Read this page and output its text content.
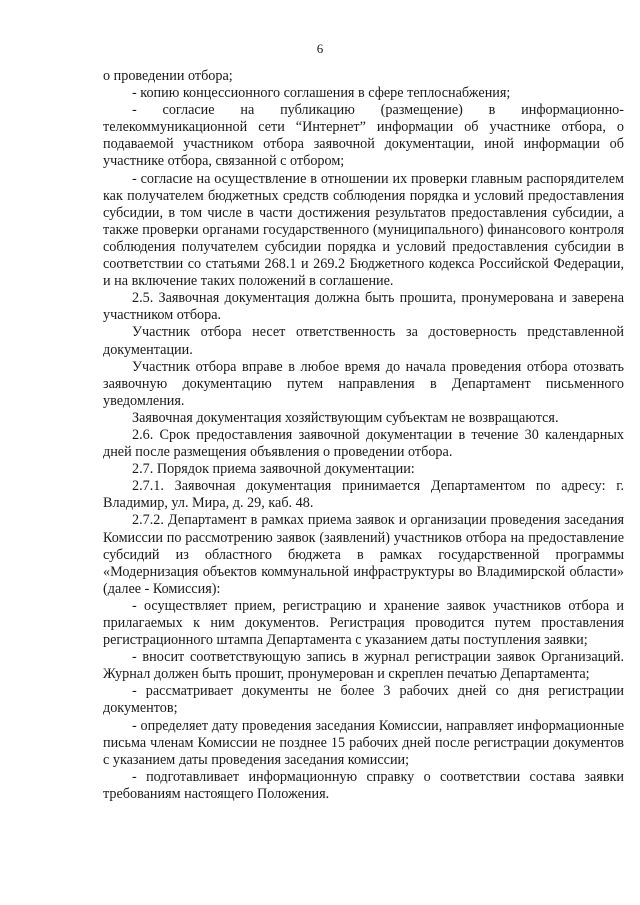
6

о проведении отбора;

- копию концессионного соглашения в сфере теплоснабжения;

- согласие на публикацию (размещение) в информационно-телекоммуникационной сети “Интернет” информации об участнике отбора, о подаваемой участником отбора заявочной документации, иной информации об участнике отбора, связанной с отбором;

- согласие на осуществление в отношении их проверки главным распорядителем как получателем бюджетных средств соблюдения порядка и условий предоставления субсидии, в том числе в части достижения результатов предоставления субсидии, а также проверки органами государственного (муниципального) финансового контроля соблюдения получателем субсидии порядка и условий предоставления субсидии в соответствии со статьями 268.1 и 269.2 Бюджетного кодекса Российской Федерации, и на включение таких положений в соглашение.

2.5. Заявочная документация должна быть прошита, пронумерована и заверена участником отбора.

Участник отбора несет ответственность за достоверность представленной документации.

Участник отбора вправе в любое время до начала проведения отбора отозвать заявочную документацию путем направления в Департамент письменного уведомления.

Заявочная документация хозяйствующим субъектам не возвращаются.

2.6. Срок предоставления заявочной документации в течение 30 календарных дней после размещения объявления о проведении отбора.

2.7. Порядок приема заявочной документации:

2.7.1. Заявочная документация принимается Департаментом по адресу: г. Владимир, ул. Мира, д. 29, каб. 48.

2.7.2. Департамент в рамках приема заявок и организации проведения заседания Комиссии по рассмотрению заявок (заявлений) участников отбора на предоставление субсидий из областного бюджета в рамках государственной программы «Модернизация объектов коммунальной инфраструктуры во Владимирской области» (далее - Комиссия):

- осуществляет прием, регистрацию и хранение заявок участников отбора и прилагаемых к ним документов. Регистрация проводится путем проставления регистрационного штампа Департамента с указанием даты поступления заявки;

- вносит соответствующую запись в журнал регистрации заявок Организаций. Журнал должен быть прошит, пронумерован и скреплен печатью Департамента;

- рассматривает документы не более 3 рабочих дней со дня регистрации документов;

- определяет дату проведения заседания Комиссии, направляет информационные письма членам Комиссии не позднее 15 рабочих дней после регистрации документов с указанием даты проведения заседания комиссии;

- подготавливает информационную справку о соответствии состава заявки требованиям настоящего Положения.
